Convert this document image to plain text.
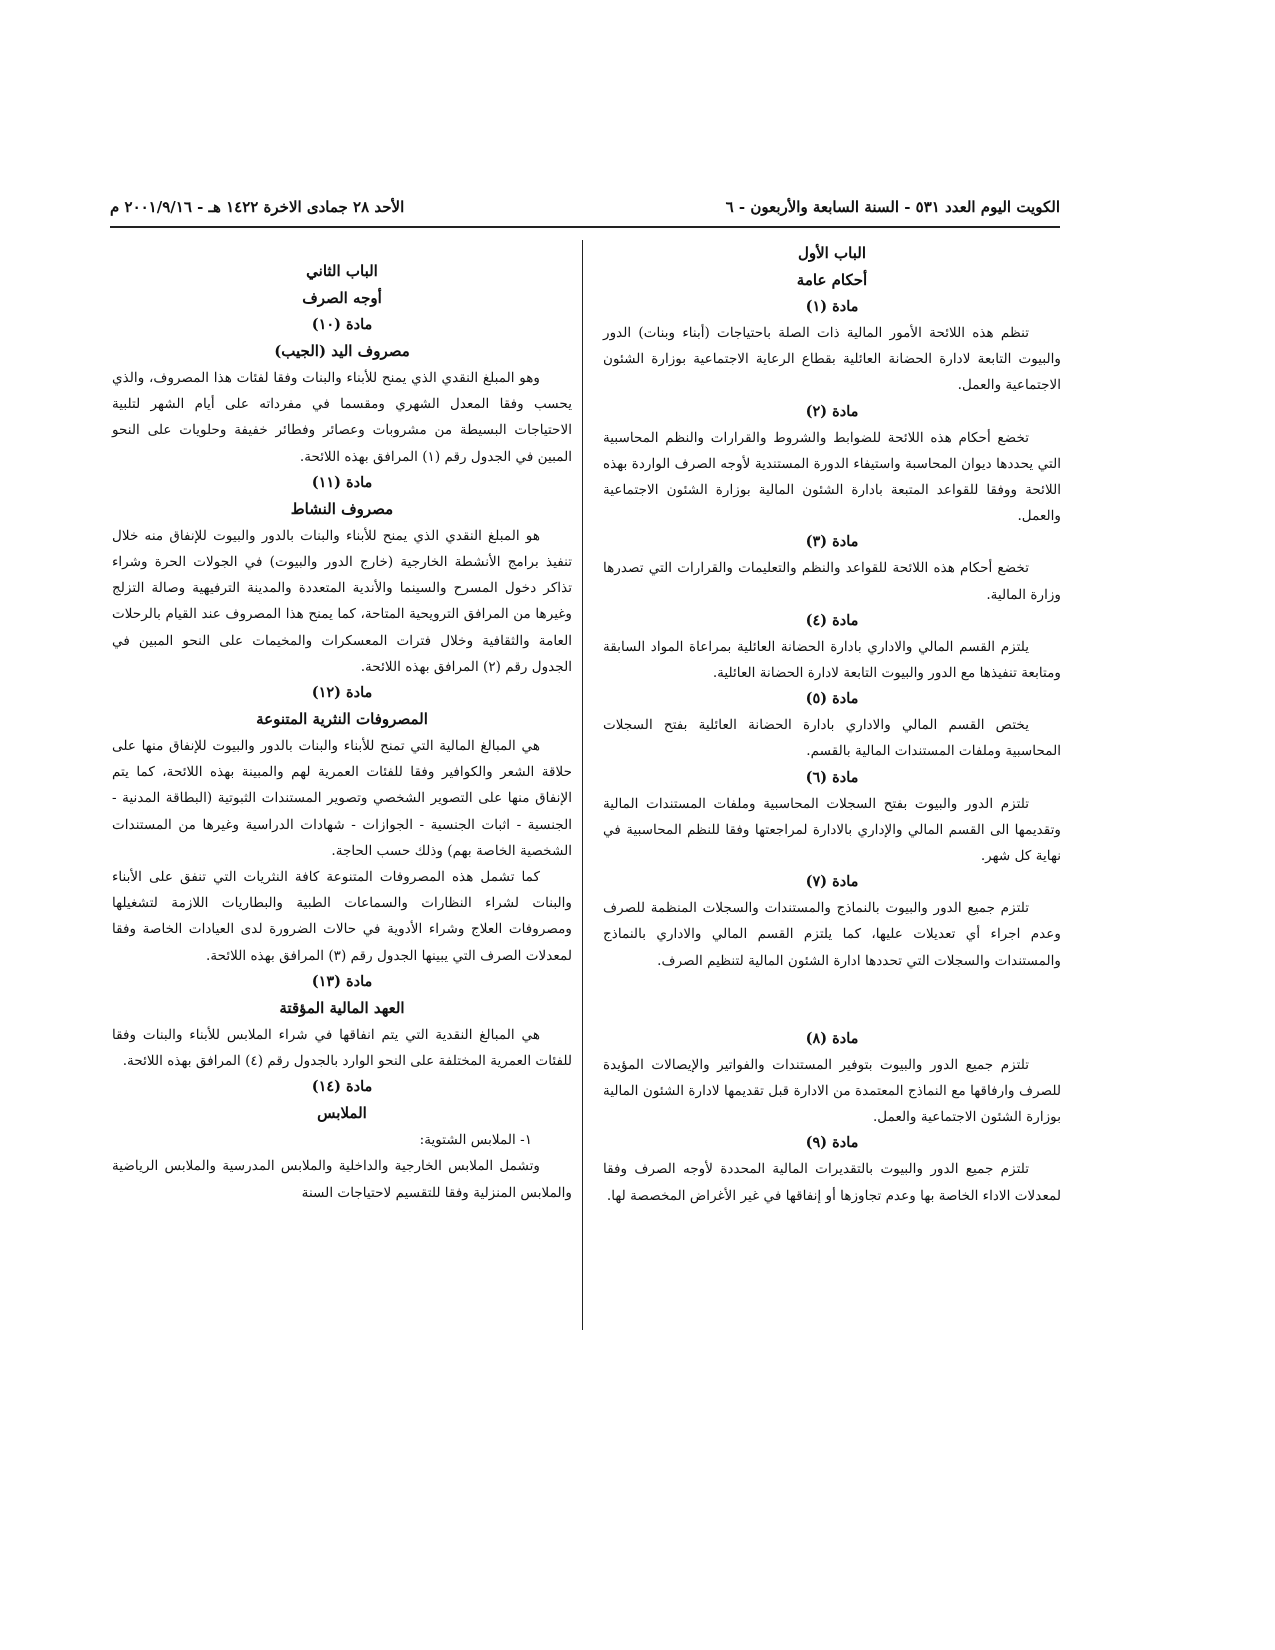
الكويت اليوم العدد ٥٣١ - السنة السابعة والأربعون - ٦
الأحد ٢٨ جمادى الاخرة ١٤٢٢ هـ - ٢٠٠١/٩/١٦ م
الباب الأول
أحكام عامة
مادة (١)

تنظم هذه اللائحة الأمور المالية ذات الصلة باحتياجات (أبناء وبنات) الدور والبيوت التابعة لادارة الحضانة العائلية بقطاع الرعاية الاجتماعية بوزارة الشئون الاجتماعية والعمل.

مادة (٢)

تخضع أحكام هذه اللائحة للضوابط والشروط والقرارات والنظم المحاسبية التي يحددها ديوان المحاسبة واستيفاء الدورة المستندية لأوجه الصرف الواردة بهذه اللائحة ووفقا للقواعد المتبعة بادارة الشئون المالية بوزارة الشئون الاجتماعية والعمل.

مادة (٣)

تخضع أحكام هذه اللائحة للقواعد والنظم والتعليمات والقرارات التي تصدرها وزارة المالية.

مادة (٤)

يلتزم القسم المالي والاداري بادارة الحضانة العائلية بمراعاة المواد السابقة ومتابعة تنفيذها مع الدور والبيوت التابعة لادارة الحضانة العائلية.

مادة (٥)

يختص القسم المالي والاداري بادارة الحضانة العائلية بفتح السجلات المحاسبية وملفات المستندات المالية بالقسم.

مادة (٦)

تلتزم الدور والبيوت بفتح السجلات المحاسبية وملفات المستندات المالية وتقديمها الى القسم المالي والإداري بالادارة لمراجعتها وفقا للنظم المحاسبية في نهاية كل شهر.

مادة (٧)

تلتزم جميع الدور والبيوت بالنماذج والمستندات والسجلات المنظمة للصرف وعدم اجراء أي تعديلات عليها، كما يلتزم القسم المالي والاداري بالنماذج والمستندات والسجلات التي تحددها ادارة الشئون المالية لتنظيم الصرف.

مادة (٨)

تلتزم جميع الدور والبيوت بتوفير المستندات والفواتير والإيصالات المؤيدة للصرف وارفاقها مع النماذج المعتمدة من الادارة قبل تقديمها لادارة الشئون المالية بوزارة الشئون الاجتماعية والعمل.

مادة (٩)

تلتزم جميع الدور والبيوت بالتقديرات المالية المحددة لأوجه الصرف وفقا لمعدلات الاداء الخاصة بها وعدم تجاوزها أو إنفاقها في غير الأغراض المخصصة لها.

الباب الثاني
أوجه الصرف
مادة (١٠)
مصروف اليد (الجيب)

وهو المبلغ النقدي الذي يمنح للأبناء والبنات وفقا لفئات هذا المصروف، والذي يحسب وفقا المعدل الشهري ومقسما في مفرداته على أيام الشهر لتلبية الاحتياجات البسيطة من مشروبات وعصائر وفطائر خفيفة وحلويات على النحو المبين في الجدول رقم (١) المرافق بهذه اللائحة.

مادة (١١)
مصروف النشاط

هو المبلغ النقدي الذي يمنح للأبناء والبنات بالدور والبيوت للإنفاق منه خلال تنفيذ برامج الأنشطة الخارجية (خارج الدور والبيوت) في الجولات الحرة وشراء تذاكر دخول المسرح والسينما والأندية المتعددة والمدينة الترفيهية وصالة التزلج وغيرها من المرافق الترويحية المتاحة، كما يمنح هذا المصروف عند القيام بالرحلات العامة والثقافية وخلال فترات المعسكرات والمخيمات على النحو المبين في الجدول رقم (٢) المرافق بهذه اللائحة.

مادة (١٢)
المصروفات النثرية المتنوعة

هي المبالغ المالية التي تمنح للأبناء والبنات بالدور والبيوت للإنفاق منها على حلاقة الشعر والكوافير وفقا للفئات العمرية لهم والمبينة بهذه اللائحة، كما يتم الإنفاق منها على التصوير الشخصي وتصوير المستندات الثبوتية (البطاقة المدنية - الجنسية - اثبات الجنسية - الجوازات - شهادات الدراسية وغيرها من المستندات الشخصية الخاصة بهم) وذلك حسب الحاجة.

كما تشمل هذه المصروفات المتنوعة كافة النثريات التي تنفق على الأبناء والبنات لشراء النظارات والسماعات الطبية والبطاريات اللازمة لتشغيلها ومصروفات العلاج وشراء الأدوية في حالات الضرورة لدى العيادات الخاصة وفقا لمعدلات الصرف التي يبينها الجدول رقم (٣) المرافق بهذه اللائحة.

مادة (١٣)
العهد المالية المؤقتة

هي المبالغ النقدية التي يتم انفاقها في شراء الملابس للأبناء والبنات وفقا للفئات العمرية المختلفة على النحو الوارد بالجدول رقم (٤) المرافق بهذه اللائحة.

مادة (١٤)
الملابس

١- الملابس الشتوية:

وتشمل الملابس الخارجية والداخلية والملابس المدرسية والملابس الرياضية والملابس المنزلية وفقا للتقسيم لاحتياجات السنة
